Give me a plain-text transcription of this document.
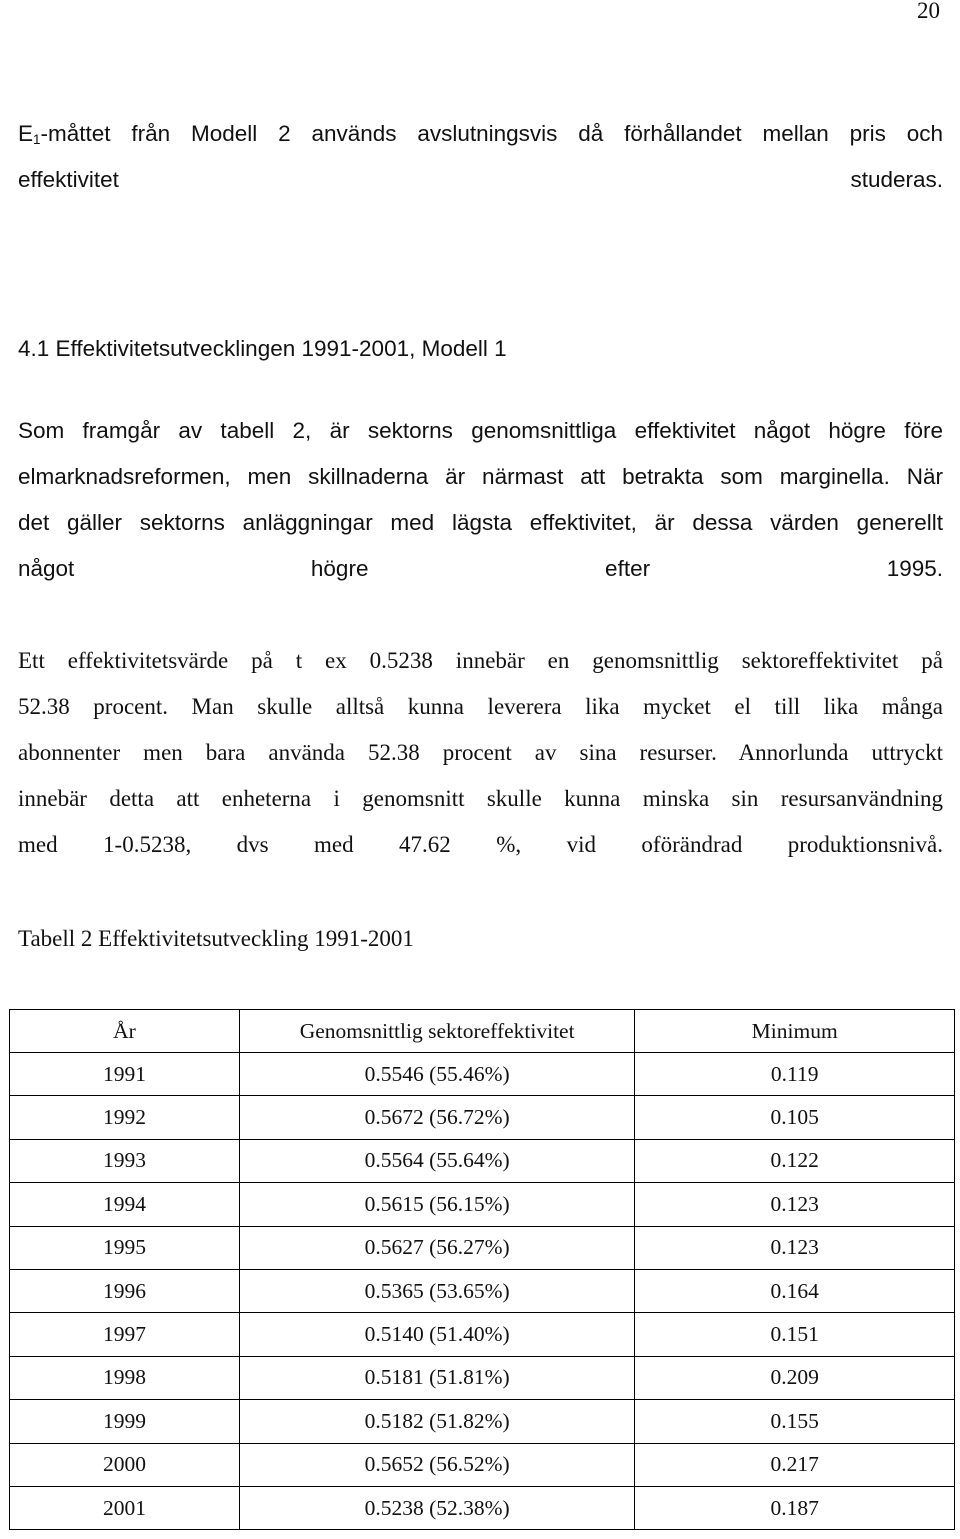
20
$E_1$-måttet från Modell 2 används avslutningsvis då förhållandet mellan pris och
effektivitet studeras.
4.1 Effektivitetsutvecklingen 1991-2001, Modell 1
Som framgår av tabell 2, är sektorns genomsnittliga effektivitet något högre före
elmarknadsreformen, men skillnaderna är närmast att betrakta som marginella. När
det gäller sektorns anläggningar med lägsta effektivitet, är dessa värden generellt
något högre efter 1995.
Ett effektivitetsvärde på t ex 0.5238 innebär en genomsnittlig sektoreffektivitet på
52.38 procent. Man skulle alltså kunna leverera lika mycket el till lika många
abonnenter men bara använda 52.38 procent av sina resurser. Annorlunda uttryckt
innebär detta att enheterna i genomsnitt skulle kunna minska sin resursanvändning
med 1-0.5238, dvs med 47.62 %, vid oförändrad produktionsnivå.
Tabell 2 Effektivitetsutveckling 1991-2001
År	Genomsnittlig sektoreffektivitet	Minimum
1991	0.5546 (55.46%)	0.119
1992	0.5672 (56.72%)	0.105
1993	0.5564 (55.64%)	0.122
1994	0.5615 (56.15%)	0.123
1995	0.5627 (56.27%)	0.123
1996	0.5365 (53.65%)	0.164
1997	0.5140 (51.40%)	0.151
1998	0.5181 (51.81%)	0.209
1999	0.5182 (51.82%)	0.155
2000	0.5652 (56.52%)	0.217
2001	0.5238 (52.38%)	0.187
